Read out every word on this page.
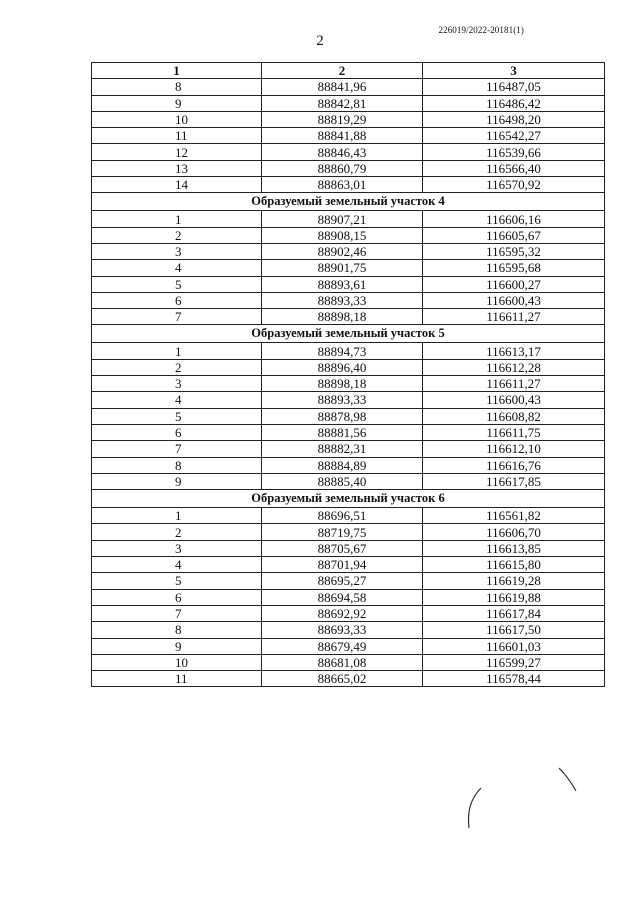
226019/2022-20181(1)
2
1	2	3
8	88841,96	116487,05
9	88842,81	116486,42
10	88819,29	116498,20
11	88841,88	116542,27
12	88846,43	116539,66
13	88860,79	116566,40
14	88863,01	116570,92
Образуемый земельный участок 4		
1	88907,21	116606,16
2	88908,15	116605,67
3	88902,46	116595,32
4	88901,75	116595,68
5	88893,61	116600,27
6	88893,33	116600,43
7	88898,18	116611,27
Образуемый земельный участок 5		
1	88894,73	116613,17
2	88896,40	116612,28
3	88898,18	116611,27
4	88893,33	116600,43
5	88878,98	116608,82
6	88881,56	116611,75
7	88882,31	116612,10
8	88884,89	116616,76
9	88885,40	116617,85
Образуемый земельный участок 6		
1	88696,51	116561,82
2	88719,75	116606,70
3	88705,67	116613,85
4	88701,94	116615,80
5	88695,27	116619,28
6	88694,58	116619,88
7	88692,92	116617,84
8	88693,33	116617,50
9	88679,49	116601,03
10	88681,08	116599,27
11	88665,02	116578,44
